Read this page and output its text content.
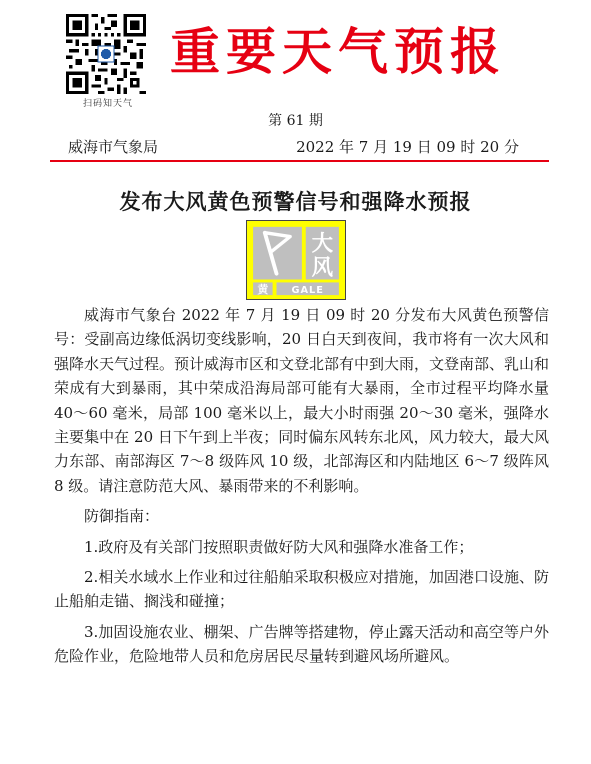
扫码知天气
重要天气预报
第 61 期
威海市气象局	2022 年 7 月 19 日 09 时 20 分
发布大风黄色预警信号和强降水预报
大
风
黄 GALE

威海市气象台 2022 年 7 月 19 日 09 时 20 分发布大风黄色预警信号：受副高边缘低涡切变线影响，20 日白天到夜间，我市将有一次大风和强降水天气过程。预计威海市区和文登北部有中到大雨，文登南部、乳山和荣成有大到暴雨，其中荣成沿海局部可能有大暴雨，全市过程平均降水量 40～60 毫米，局部 100 毫米以上，最大小时雨强 20～30 毫米，强降水主要集中在 20 日下午到上半夜；同时偏东风转东北风，风力较大，最大风力东部、南部海区 7～8 级阵风 10 级，北部海区和内陆地区 6～7 级阵风 8 级。请注意防范大风、暴雨带来的不利影响。

防御指南：

1.政府及有关部门按照职责做好防大风和强降水准备工作；

2.相关水域水上作业和过往船舶采取积极应对措施，加固港口设施、防止船舶走锚、搁浅和碰撞；

3.加固设施农业、棚架、广告牌等搭建物，停止露天活动和高空等户外危险作业，危险地带人员和危房居民尽量转到避风场所避风。
